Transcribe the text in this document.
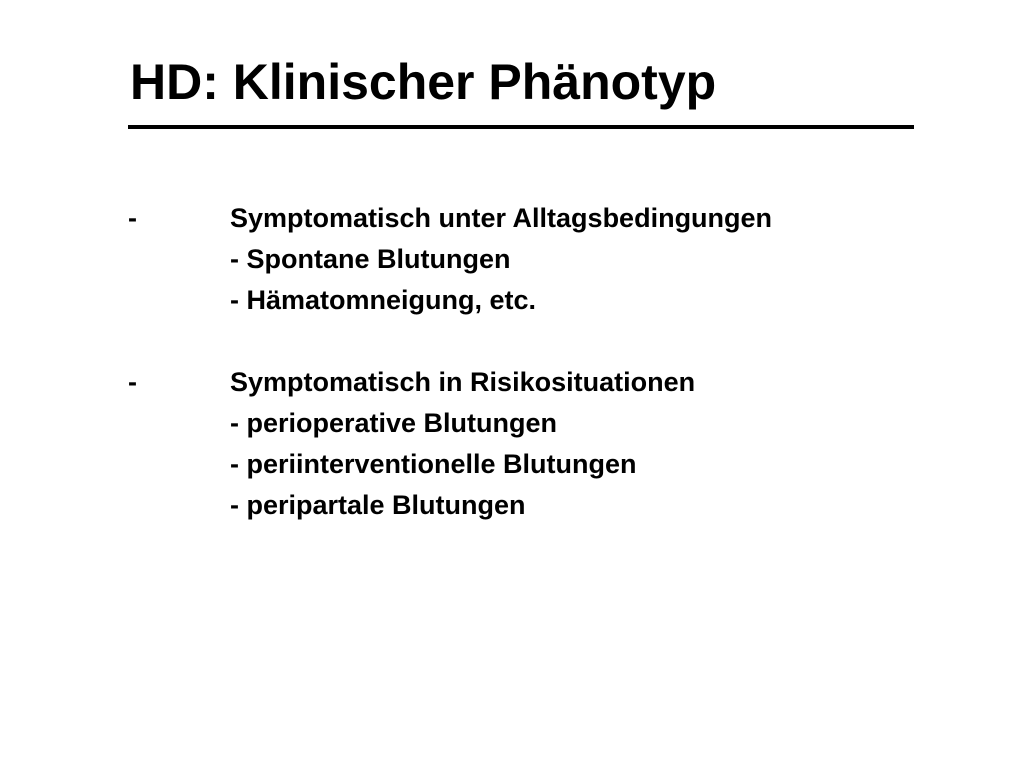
HD: Klinischer Phänotyp
-	Symptomatisch unter Alltagsbedingungen
- Spontane Blutungen
- Hämatomneigung, etc.
-	Symptomatisch in Risikosituationen
- perioperative Blutungen
- periinterventionelle Blutungen
- peripartale Blutungen
